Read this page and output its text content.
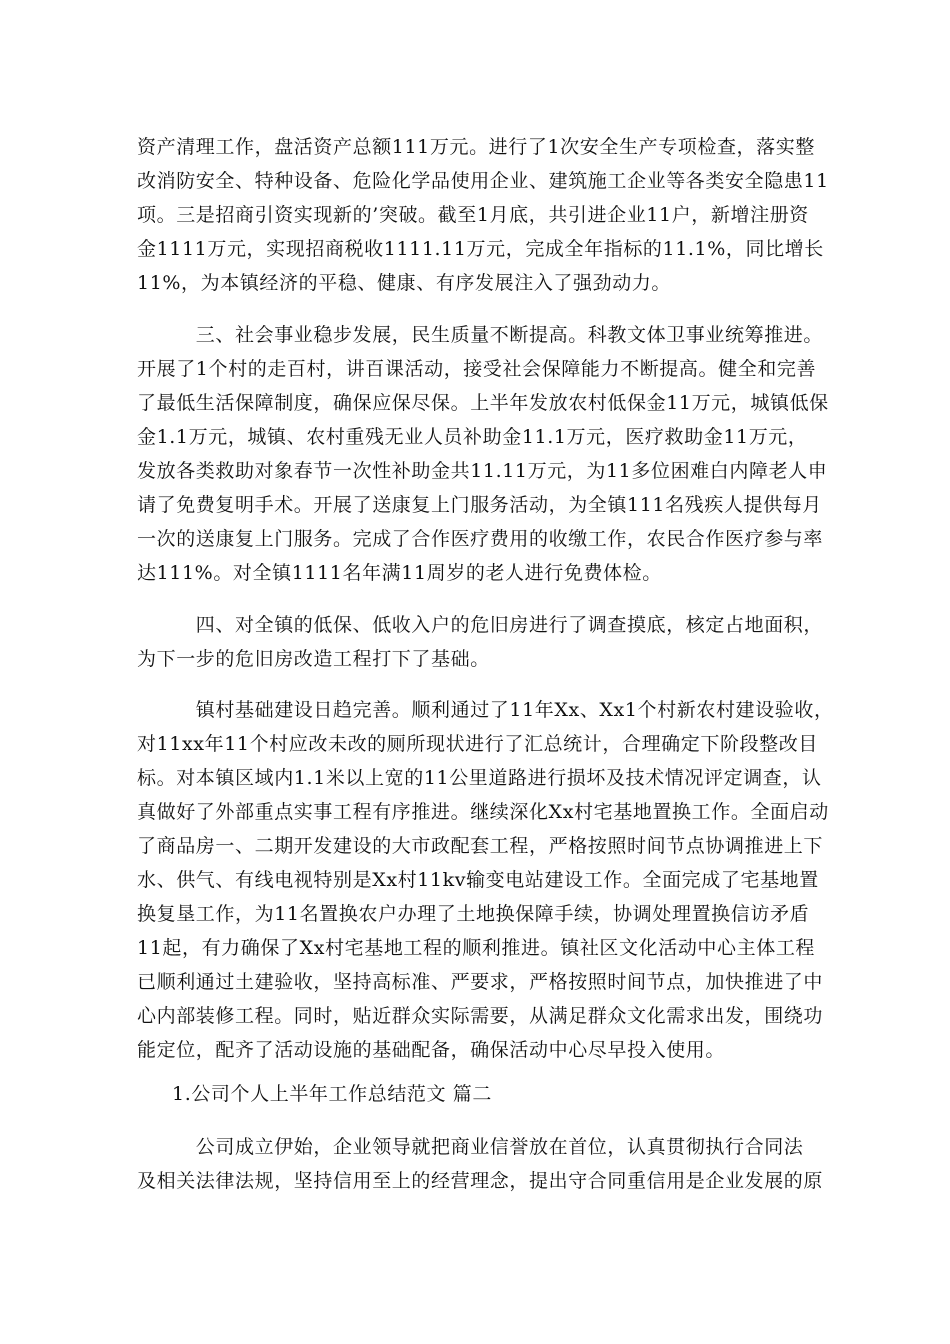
资产清理工作，盘活资产总额111万元。进行了1次安全生产专项检查，落实整
改消防安全、特种设备、危险化学品使用企业、建筑施工企业等各类安全隐患11
项。三是招商引资实现新的’突破。截至1月底，共引进企业11户，新增注册资
金1111万元，实现招商税收1111.11万元，完成全年指标的11.1%，同比增长
11%，为本镇经济的平稳、健康、有序发展注入了强劲动力。
　　　三、社会事业稳步发展，民生质量不断提高。科教文体卫事业统筹推进。
开展了1个村的走百村，讲百课活动，接受社会保障能力不断提高。健全和完善
了最低生活保障制度，确保应保尽保。上半年发放农村低保金11万元，城镇低保
金1.1万元，城镇、农村重残无业人员补助金11.1万元，医疗救助金11万元，
发放各类救助对象春节一次性补助金共11.11万元，为11多位困难白内障老人申
请了免费复明手术。开展了送康复上门服务活动，为全镇111名残疾人提供每月
一次的送康复上门服务。完成了合作医疗费用的收缴工作，农民合作医疗参与率
达111%。对全镇1111名年满11周岁的老人进行免费体检。
　　　四、对全镇的低保、低收入户的危旧房进行了调查摸底，核定占地面积，
为下一步的危旧房改造工程打下了基础。
　　　镇村基础建设日趋完善。顺利通过了11年Xx、Xx1个村新农村建设验收，
对11xx年11个村应改未改的厕所现状进行了汇总统计，合理确定下阶段整改目
标。对本镇区域内1.1米以上宽的11公里道路进行损坏及技术情况评定调查，认
真做好了外部重点实事工程有序推进。继续深化Xx村宅基地置换工作。全面启动
了商品房一、二期开发建设的大市政配套工程，严格按照时间节点协调推进上下
水、供气、有线电视特别是Xx村11kv输变电站建设工作。全面完成了宅基地置
换复垦工作，为11名置换农户办理了土地换保障手续，协调处理置换信访矛盾
11起，有力确保了Xx村宅基地工程的顺利推进。镇社区文化活动中心主体工程
已顺利通过土建验收，坚持高标准、严要求，严格按照时间节点，加快推进了中
心内部装修工程。同时，贴近群众实际需要，从满足群众文化需求出发，围绕功
能定位，配齐了活动设施的基础配备，确保活动中心尽早投入使用。
1.公司个人上半年工作总结范文 篇二
　　　公司成立伊始，企业领导就把商业信誉放在首位，认真贯彻执行合同法
及相关法律法规，坚持信用至上的经营理念，提出守合同重信用是企业发展的原
